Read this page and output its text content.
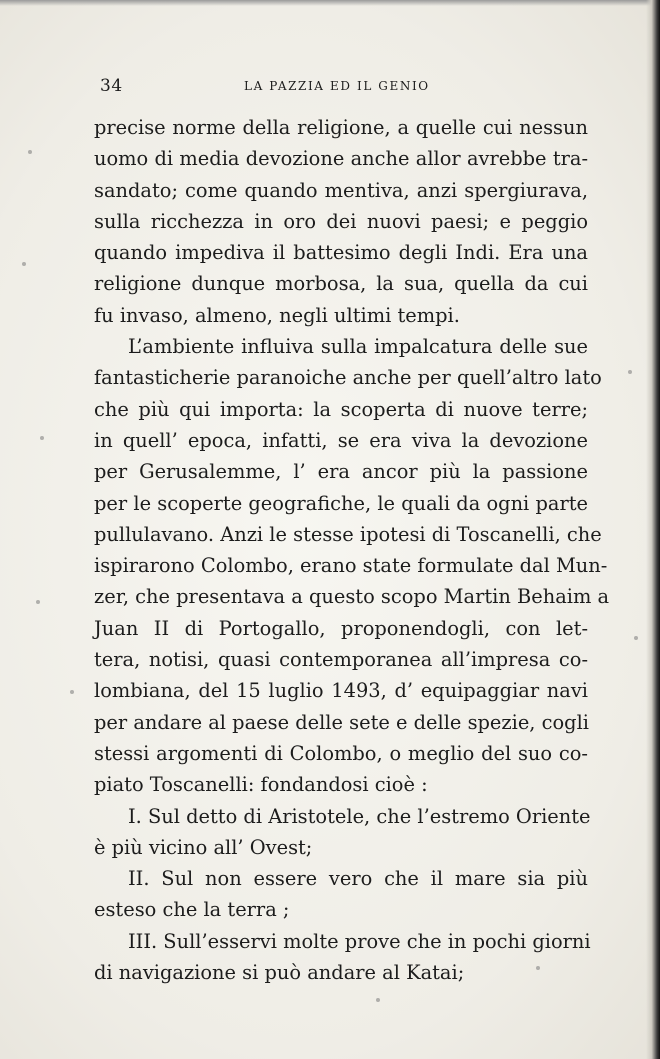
34	LA PAZZIA ED IL GENIO
precise norme della religione, a quelle cui nessun
uomo di media devozione anche allor avrebbe tra-
sandato; come quando mentiva, anzi spergiurava,
sulla ricchezza in oro dei nuovi paesi; e peggio
quando impediva il battesimo degli Indi. Era una
religione dunque morbosa, la sua, quella da cui
fu invaso, almeno, negli ultimi tempi.
L’ambiente influiva sulla impalcatura delle sue
fantasticherie paranoiche anche per quell’altro lato
che più qui importa: la scoperta di nuove terre;
in quell’ epoca, infatti, se era viva la devozione
per Gerusalemme, l’ era ancor più la passione
per le scoperte geografiche, le quali da ogni parte
pullulavano. Anzi le stesse ipotesi di Toscanelli, che
ispirarono Colombo, erano state formulate dal Mun-
zer, che presentava a questo scopo Martin Behaim a
Juan II di Portogallo, proponendogli, con let-
tera, notisi, quasi contemporanea all’impresa co-
lombiana, del 15 luglio 1493, d’ equipaggiar navi
per andare al paese delle sete e delle spezie, cogli
stessi argomenti di Colombo, o meglio del suo co-
piato Toscanelli: fondandosi cioè :
I. Sul detto di Aristotele, che l’estremo Oriente
è più vicino all’ Ovest;
II. Sul non essere vero che il mare sia più
esteso che la terra ;
III. Sull’esservi molte prove che in pochi giorni
di navigazione si può andare al Katai;
